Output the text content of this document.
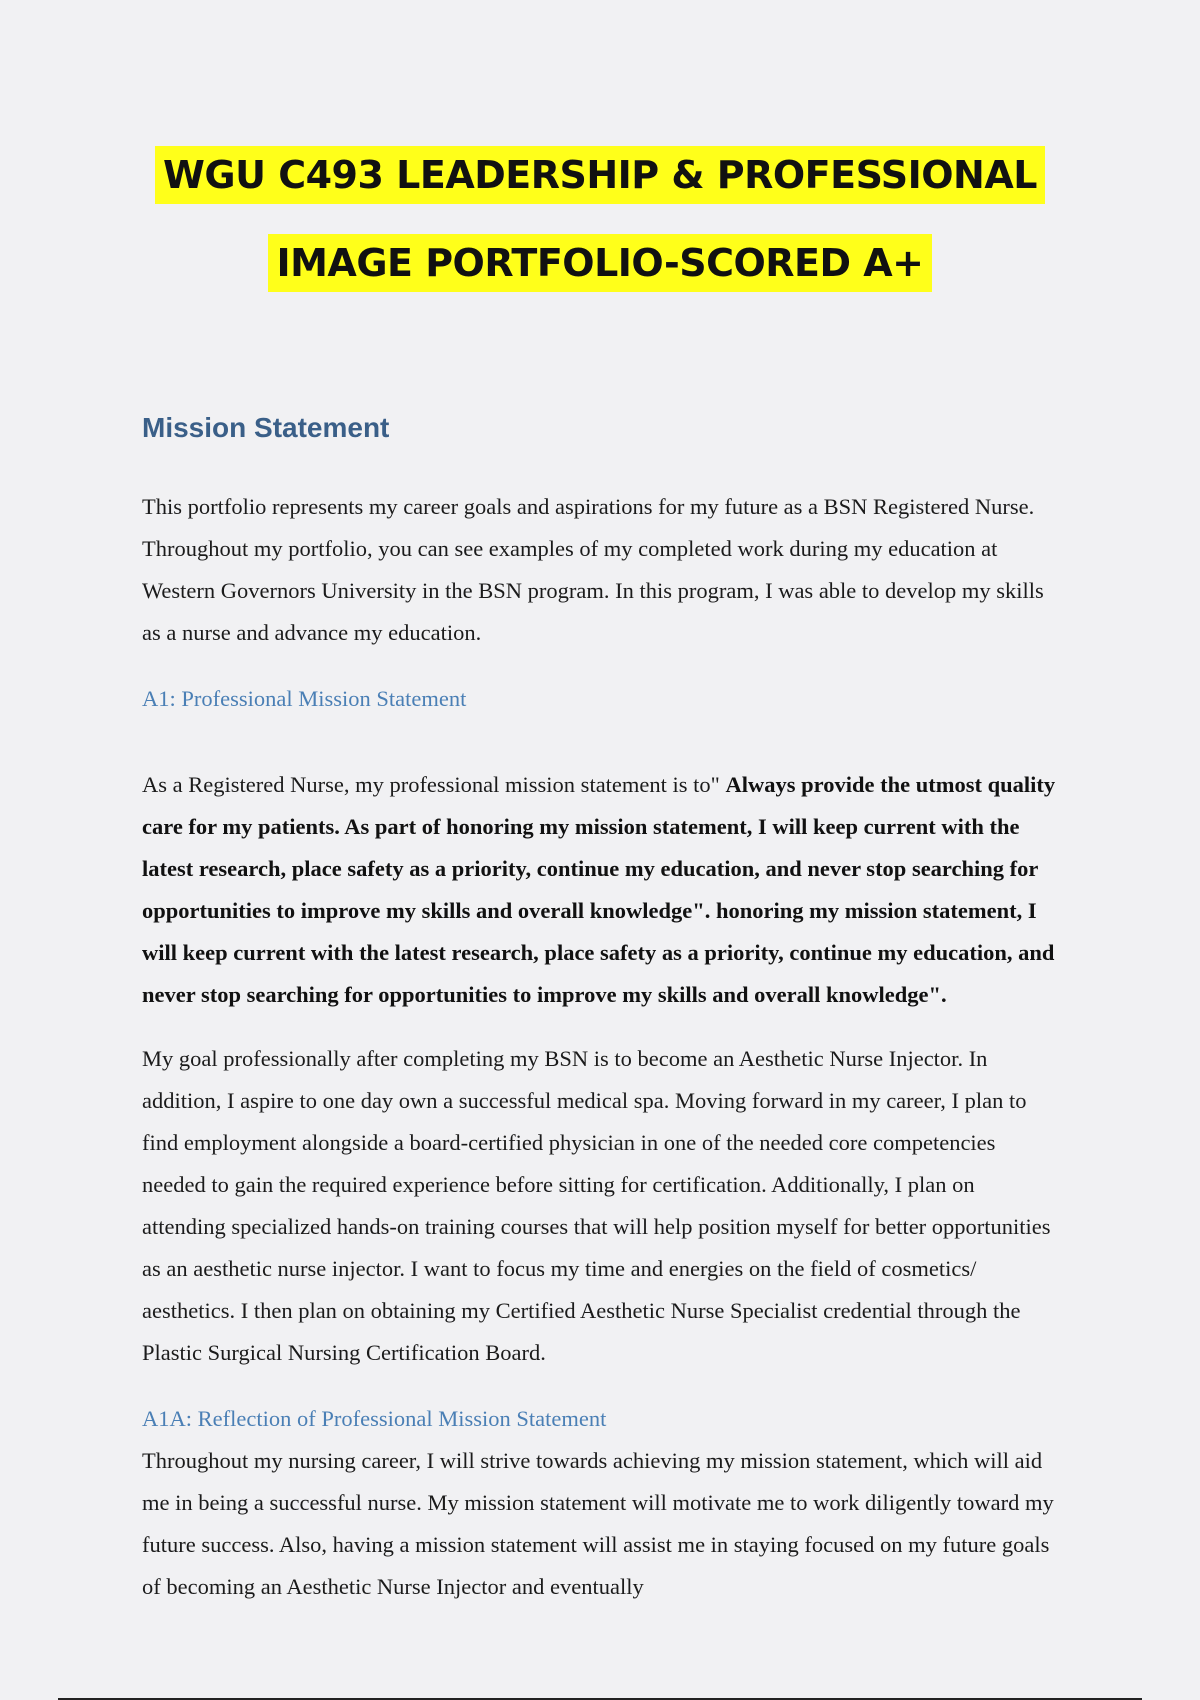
WGU C493 LEADERSHIP & PROFESSIONAL
IMAGE PORTFOLIO-SCORED A+
Mission Statement

This portfolio represents my career goals and aspirations for my future as a BSN Registered Nurse. Throughout my portfolio, you can see examples of my completed work during my education at Western Governors University in the BSN program. In this program, I was able to develop my skills as a nurse and advance my education.

A1: Professional Mission Statement

As a Registered Nurse, my professional mission statement is to" Always provide the utmost quality care for my patients. As part of honoring my mission statement, I will keep current with the latest research, place safety as a priority, continue my education, and never stop searching for opportunities to improve my skills and overall knowledge". honoring my mission statement, I will keep current with the latest research, place safety as a priority, continue my education, and never stop searching for opportunities to improve my skills and overall knowledge".

My goal professionally after completing my BSN is to become an Aesthetic Nurse Injector. In addition, I aspire to one day own a successful medical spa. Moving forward in my career, I plan to find employment alongside a board-certified physician in one of the needed core competencies needed to gain the required experience before sitting for certification. Additionally, I plan on attending specialized hands-on training courses that will help position myself for better opportunities as an aesthetic nurse injector. I want to focus my time and energies on the field of cosmetics/ aesthetics. I then plan on obtaining my Certified Aesthetic Nurse Specialist credential through the Plastic Surgical Nursing Certification Board.

A1A: Reflection of Professional Mission Statement

Throughout my nursing career, I will strive towards achieving my mission statement, which will aid me in being a successful nurse. My mission statement will motivate me to work diligently toward my future success. Also, having a mission statement will assist me in staying focused on my future goals of becoming an Aesthetic Nurse Injector and eventually
